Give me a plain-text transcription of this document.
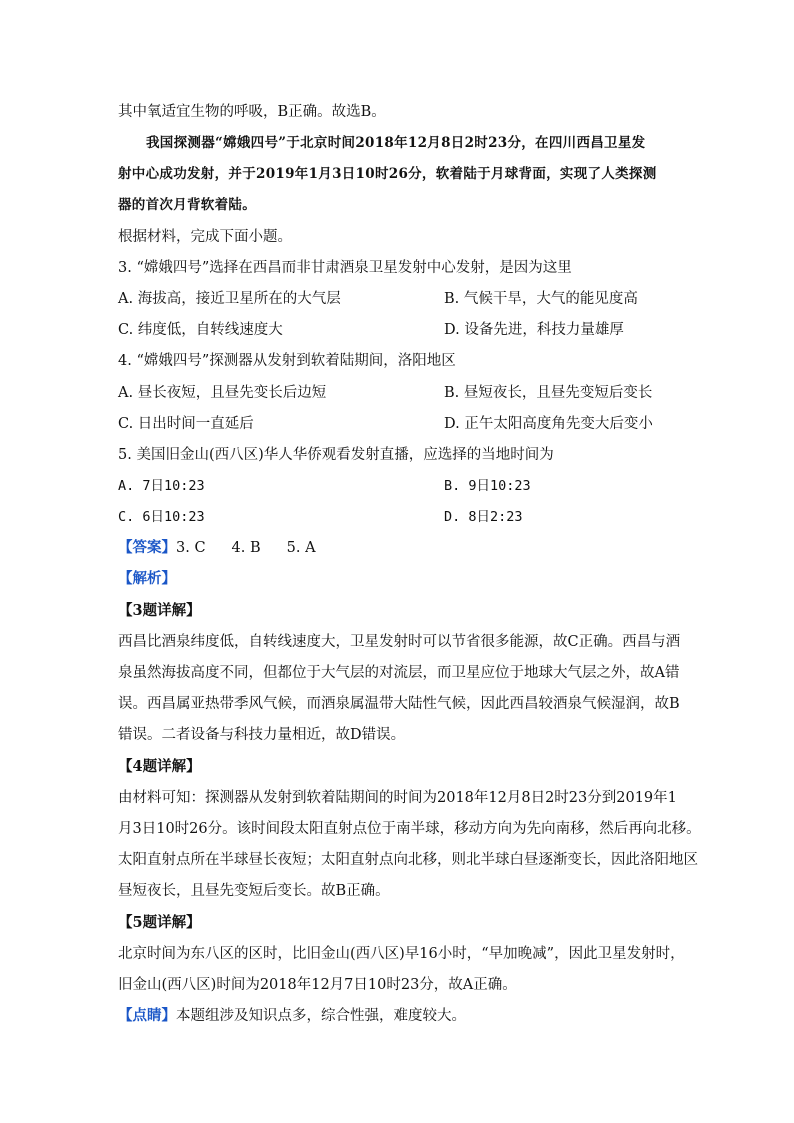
其中氧适宜生物的呼吸，B正确。故选B。
我国探测器“嫦娥四号”于北京时间2018年12月8日2时23分，在四川西昌卫星发
射中心成功发射，并于2019年1月3日10时26分，软着陆于月球背面，实现了人类探测
器的首次月背软着陆。
根据材料，完成下面小题。
3. “嫦娥四号”选择在西昌而非甘肃酒泉卫星发射中心发射，是因为这里
A. 海拔高，接近卫星所在的大气层	B. 气候干旱，大气的能见度高
C. 纬度低，自转线速度大	D. 设备先进，科技力量雄厚
4. “嫦娥四号”探测器从发射到软着陆期间，洛阳地区
A. 昼长夜短，且昼先变长后边短	B. 昼短夜长，且昼先变短后变长
C. 日出时间一直延后	D. 正午太阳高度角先变大后变小
5. 美国旧金山(西八区)华人华侨观看发射直播，应选择的当地时间为
A. 7日10:23	B. 9日10:23
C. 6日10:23	D. 8日2:23
【答案】3. C 4. B 5. A
【解析】
【3题详解】
西昌比酒泉纬度低，自转线速度大，卫星发射时可以节省很多能源，故C正确。西昌与酒
泉虽然海拔高度不同，但都位于大气层的对流层，而卫星应位于地球大气层之外，故A错
误。西昌属亚热带季风气候，而酒泉属温带大陆性气候，因此西昌较酒泉气候湿润，故B
错误。二者设备与科技力量相近，故D错误。
【4题详解】
由材料可知：探测器从发射到软着陆期间的时间为2018年12月8日2时23分到2019年1
月3日10时26分。该时间段太阳直射点位于南半球，移动方向为先向南移，然后再向北移。
太阳直射点所在半球昼长夜短；太阳直射点向北移，则北半球白昼逐渐变长，因此洛阳地区
昼短夜长，且昼先变短后变长。故B正确。
【5题详解】
北京时间为东八区的区时，比旧金山(西八区)早16小时，“早加晚减”，因此卫星发射时，
旧金山(西八区)时间为2018年12月7日10时23分，故A正确。
【点睛】本题组涉及知识点多，综合性强，难度较大。
